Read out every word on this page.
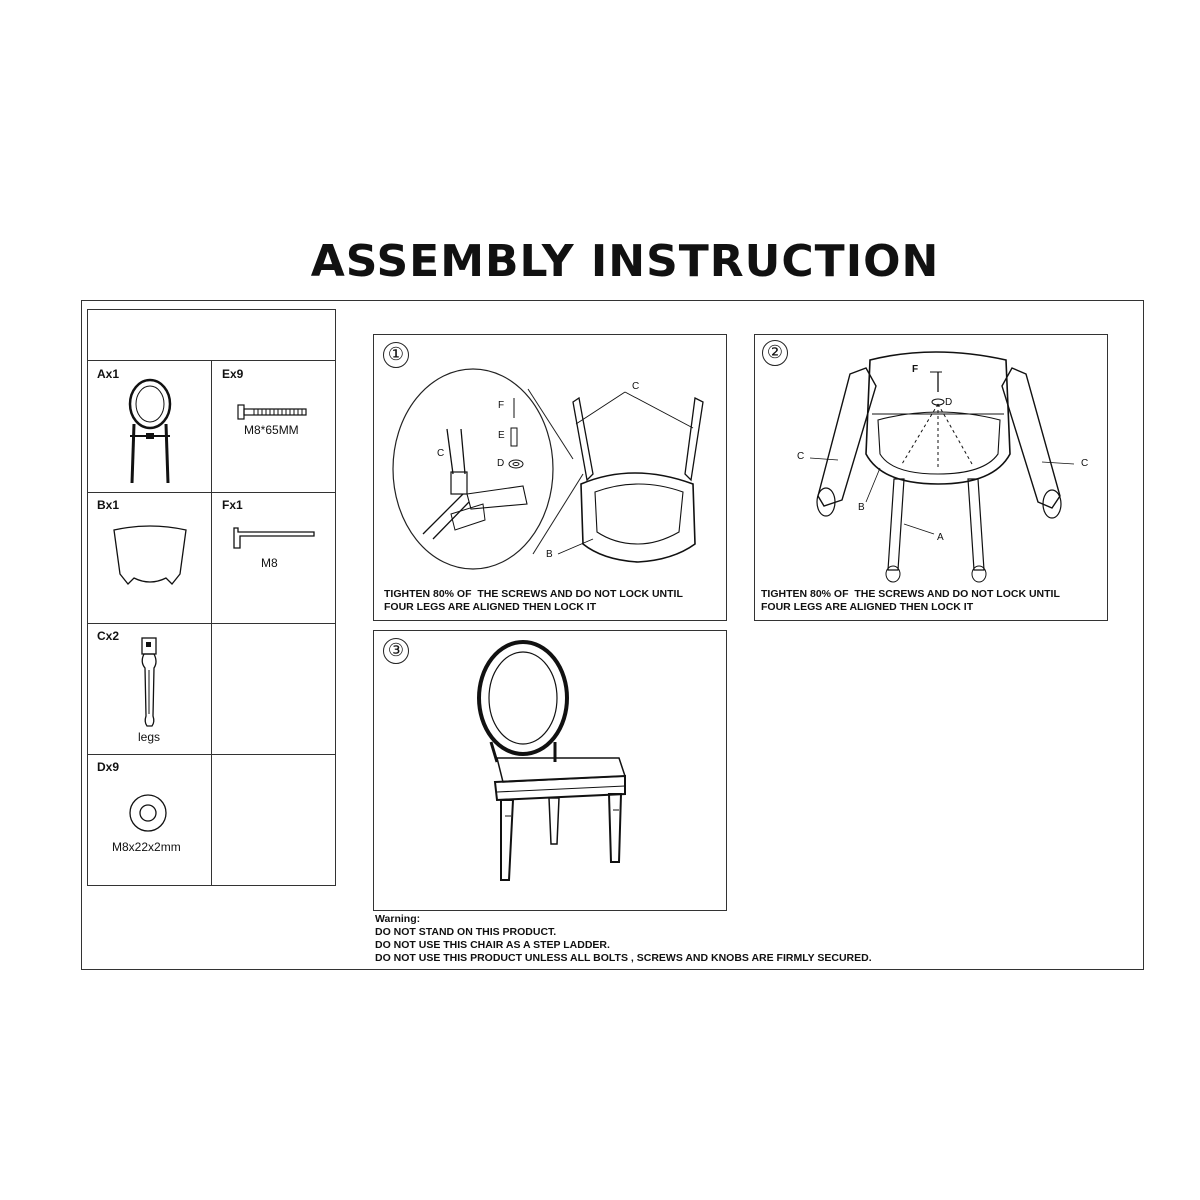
ASSEMBLY INSTRUCTION
Ax1	Ex9
M8*65MM
Bx1	Fx1
M8
Cx2
legs
Dx9
M8x22x2mm
①
F
E
D
C
C
B
TIGHTEN 80% OF  THE SCREWS AND DO NOT LOCK UNTIL
FOUR LEGS ARE ALIGNED THEN LOCK IT
②
F
D
C
C
B
A
TIGHTEN 80% OF  THE SCREWS AND DO NOT LOCK UNTIL
FOUR LEGS ARE ALIGNED THEN LOCK IT
③
Warning:
DO NOT STAND ON THIS PRODUCT.
DO NOT USE THIS CHAIR AS A STEP LADDER.
DO NOT USE THIS PRODUCT UNLESS ALL BOLTS , SCREWS AND KNOBS ARE FIRMLY SECURED.
